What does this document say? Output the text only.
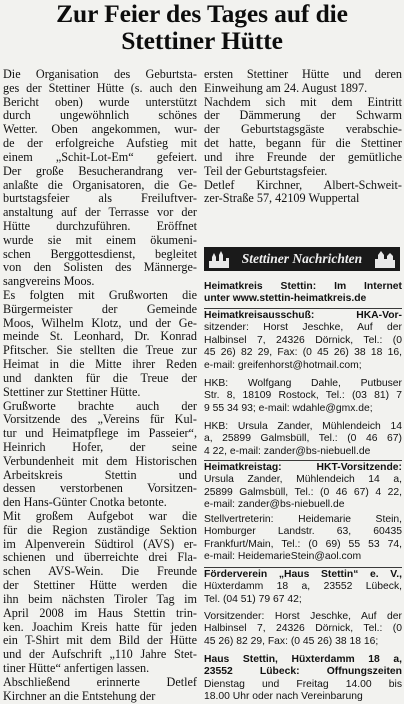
Zur Feier des Tages auf die
Stettiner Hütte
Die Organisation des Geburtsta-
ges der Stettiner Hütte (s. auch den
Bericht oben) wurde unterstützt
durch ungewöhnlich schönes
Wetter. Oben angekommen, wur-
de der erfolgreiche Aufstieg mit
einem „Schit-Lot-Em“ gefeiert.
Der große Besucherandrang ver-
anlaßte die Organisatoren, die Ge-
burtstagsfeier als Freiluftver-
anstaltung auf der Terrasse vor der
Hütte durchzuführen. Eröffnet
wurde sie mit einem ökumeni-
schen Berggottesdienst, begleitet
von den Solisten des Männerge-
sangvereins Moos.
Es folgten mit Grußworten die
Bürgermeister der Gemeinde
Moos, Wilhelm Klotz, und der Ge-
meinde St. Leonhard, Dr. Konrad
Pfitscher. Sie stellten die Treue zur
Heimat in die Mitte ihrer Reden
und dankten für die Treue der
Stettiner zur Stettiner Hütte.
Grußworte brachte auch der
Vorsitzende des „Vereins für Kul-
tur und Heimatpflege im Passeier“,
Heinrich Hofer, der seine
Verbundenheit mit dem Historischen
Arbeitskreis Stettin und
dessen verstorbenen Vorsitzen-
den Hans-Günter Cnotka betonte.
Mit großem Aufgebot war die
für die Region zuständige Sektion
im Alpenverein Südtirol (AVS) er-
schienen und überreichte drei Fla-
schen AVS-Wein. Die Freunde
der Stettiner Hütte werden die
ihn beim nächsten Tiroler Tag im
April 2008 im Haus Stettin trin-
ken. Joachim Kreis hatte für jeden
ein T-Shirt mit dem Bild der Hütte
und der Aufschrift „110 Jahre Stet-
tiner Hütte“ anfertigen lassen.
Abschließend erinnerte Detlef
Kirchner an die Entstehung der
ersten Stettiner Hütte und deren
Einweihung am 24. August 1897.
Nachdem sich mit dem Eintritt
der Dämmerung der Schwarm
der Geburtstagsgäste verabschie-
det hatte, begann für die Stettiner
und ihre Freunde der gemütliche
Teil der Geburtstagsfeier.
Detlef Kirchner, Albert-Schweit-
zer-Straße 57, 42109 Wuppertal
Stettiner Nachrichten
Heimatkreis Stettin: Im Internet
unter www.stettin-heimatkreis.de
Heimatkreisausschuß: HKA-Vor-
sitzender: Horst Jeschke, Auf der
Halbinsel 7, 24326 Dörnick, Tel.: (0
45 26) 82 29, Fax: (0 45 26) 38 18 16,
e-mail: greifenhorst@hotmail.com;
HKB: Wolfgang Dahle, Putbuser
Str. 8, 18109 Rostock, Tel.: (03 81) 7
9 55 34 93; e-mail: wdahle@gmx.de;
HKB: Ursula Zander, Mühlendeich 14
a, 25899 Galmsbüll, Tel.: (0 46 67)
4 22, e-mail: zander@bs-niebuell.de
Heimatkreistag: HKT-Vorsitzende:
Ursula Zander, Mühlendeich 14 a,
25899 Galmsbüll, Tel.: (0 46 67) 4 22,
e-mail: zander@bs-niebuell.de
Stellvertreterin: Heidemarie Stein,
Homburger Landstr. 63, 60435
Frankfurt/Main, Tel.: (0 69) 55 53 74,
e-mail: HeidemarieStein@aol.com
Förderverein „Haus Stettin“ e. V.,
Hüxterdamm 18 a, 23552 Lübeck,
Tel. (04 51) 79 67 42;
Vorsitzender: Horst Jeschke, Auf der
Halbinsel 7, 24326 Dörnick, Tel.: (0
45 26) 82 29, Fax: (0 45 26) 38 18 16;
Haus Stettin, Hüxterdamm 18 a,
23552 Lübeck: Öffnungszeiten
Dienstag und Freitag 14.00 bis
18.00 Uhr oder nach Vereinbarung
